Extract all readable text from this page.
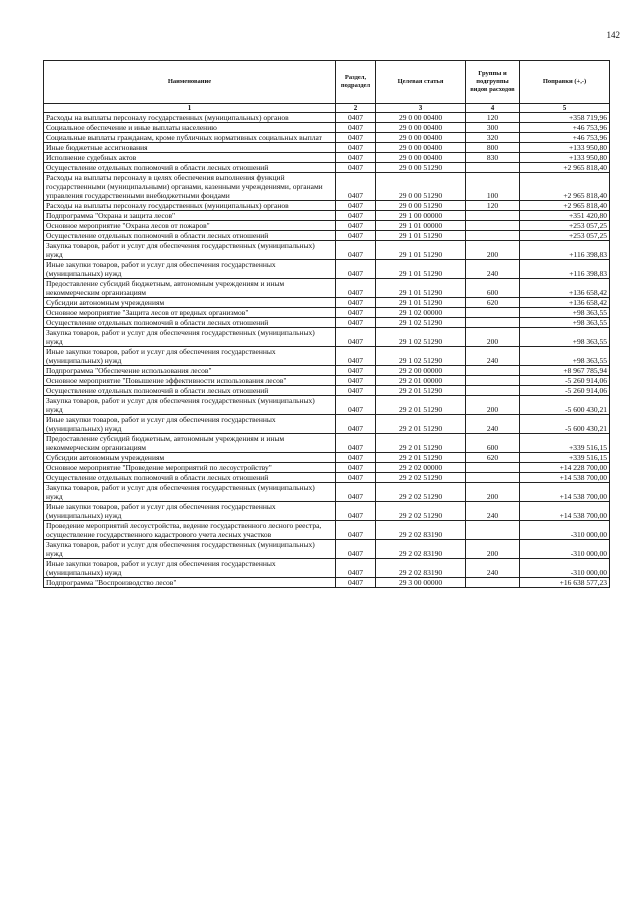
142
Наименование	Раздел, подраздел	Целевая статья	Группы и подгруппы видов расходов	Поправки (+,-)
1	2	3	4	5
Расходы на выплаты персоналу государственных (муниципальных) органов	0407	29 0 00 00400	120	+358 719,96
Социальное обеспечение и иные выплаты населению	0407	29 0 00 00400	300	+46 753,96
Социальные выплаты гражданам, кроме публичных нормативных социальных выплат	0407	29 0 00 00400	320	+46 753,96
Иные бюджетные ассигнования	0407	29 0 00 00400	800	+133 950,80
Исполнение судебных актов	0407	29 0 00 00400	830	+133 950,80
Осуществление отдельных полномочий в области лесных отношений	0407	29 0 00 51290		+2 965 818,40
Расходы на выплаты персоналу в целях обеспечения выполнения функций государственными (муниципальными) органами, казенными учреждениями, органами управления государственными внебюджетными фондами	0407	29 0 00 51290	100	+2 965 818,40
Расходы на выплаты персоналу государственных (муниципальных) органов	0407	29 0 00 51290	120	+2 965 818,40
Подпрограмма "Охрана и защита лесов"	0407	29 1 00 00000		+351 420,80
Основное мероприятие "Охрана лесов от пожаров"	0407	29 1 01 00000		+253 057,25
Осуществление отдельных полномочий в области лесных отношений	0407	29 1 01 51290		+253 057,25
Закупка товаров, работ и услуг для обеспечения государственных (муниципальных) нужд	0407	29 1 01 51290	200	+116 398,83
Иные закупки товаров, работ и услуг для обеспечения государственных (муниципальных) нужд	0407	29 1 01 51290	240	+116 398,83
Предоставление субсидий бюджетным, автономным учреждениям и иным некоммерческим организациям	0407	29 1 01 51290	600	+136 658,42
Субсидии автономным учреждениям	0407	29 1 01 51290	620	+136 658,42
Основное мероприятие "Защита лесов от вредных организмов"	0407	29 1 02 00000		+98 363,55
Осуществление отдельных полномочий в области лесных отношений	0407	29 1 02 51290		+98 363,55
Закупка товаров, работ и услуг для обеспечения государственных (муниципальных) нужд	0407	29 1 02 51290	200	+98 363,55
Иные закупки товаров, работ и услуг для обеспечения государственных (муниципальных) нужд	0407	29 1 02 51290	240	+98 363,55
Подпрограмма "Обеспечение использования лесов"	0407	29 2 00 00000		+8 967 785,94
Основное мероприятие "Повышение эффективности использования лесов"	0407	29 2 01 00000		-5 260 914,06
Осуществление отдельных полномочий в области лесных отношений	0407	29 2 01 51290		-5 260 914,06
Закупка товаров, работ и услуг для обеспечения государственных (муниципальных) нужд	0407	29 2 01 51290	200	-5 600 430,21
Иные закупки товаров, работ и услуг для обеспечения государственных (муниципальных) нужд	0407	29 2 01 51290	240	-5 600 430,21
Предоставление субсидий бюджетным, автономным учреждениям и иным некоммерческим организациям	0407	29 2 01 51290	600	+339 516,15
Субсидии автономным учреждениям	0407	29 2 01 51290	620	+339 516,15
Основное мероприятие "Проведение мероприятий по лесоустройству"	0407	29 2 02 00000		+14 228 700,00
Осуществление отдельных полномочий в области лесных отношений	0407	29 2 02 51290		+14 538 700,00
Закупка товаров, работ и услуг для обеспечения государственных (муниципальных) нужд	0407	29 2 02 51290	200	+14 538 700,00
Иные закупки товаров, работ и услуг для обеспечения государственных (муниципальных) нужд	0407	29 2 02 51290	240	+14 538 700,00
Проведение мероприятий лесоустройства, ведение государственного лесного реестра, осуществление государственного кадастрового учета лесных участков	0407	29 2 02 83190		-310 000,00
Закупка товаров, работ и услуг для обеспечения государственных (муниципальных) нужд	0407	29 2 02 83190	200	-310 000,00
Иные закупки товаров, работ и услуг для обеспечения государственных (муниципальных) нужд	0407	29 2 02 83190	240	-310 000,00
Подпрограмма "Воспроизводство лесов"	0407	29 3 00 00000		+16 638 577,23
